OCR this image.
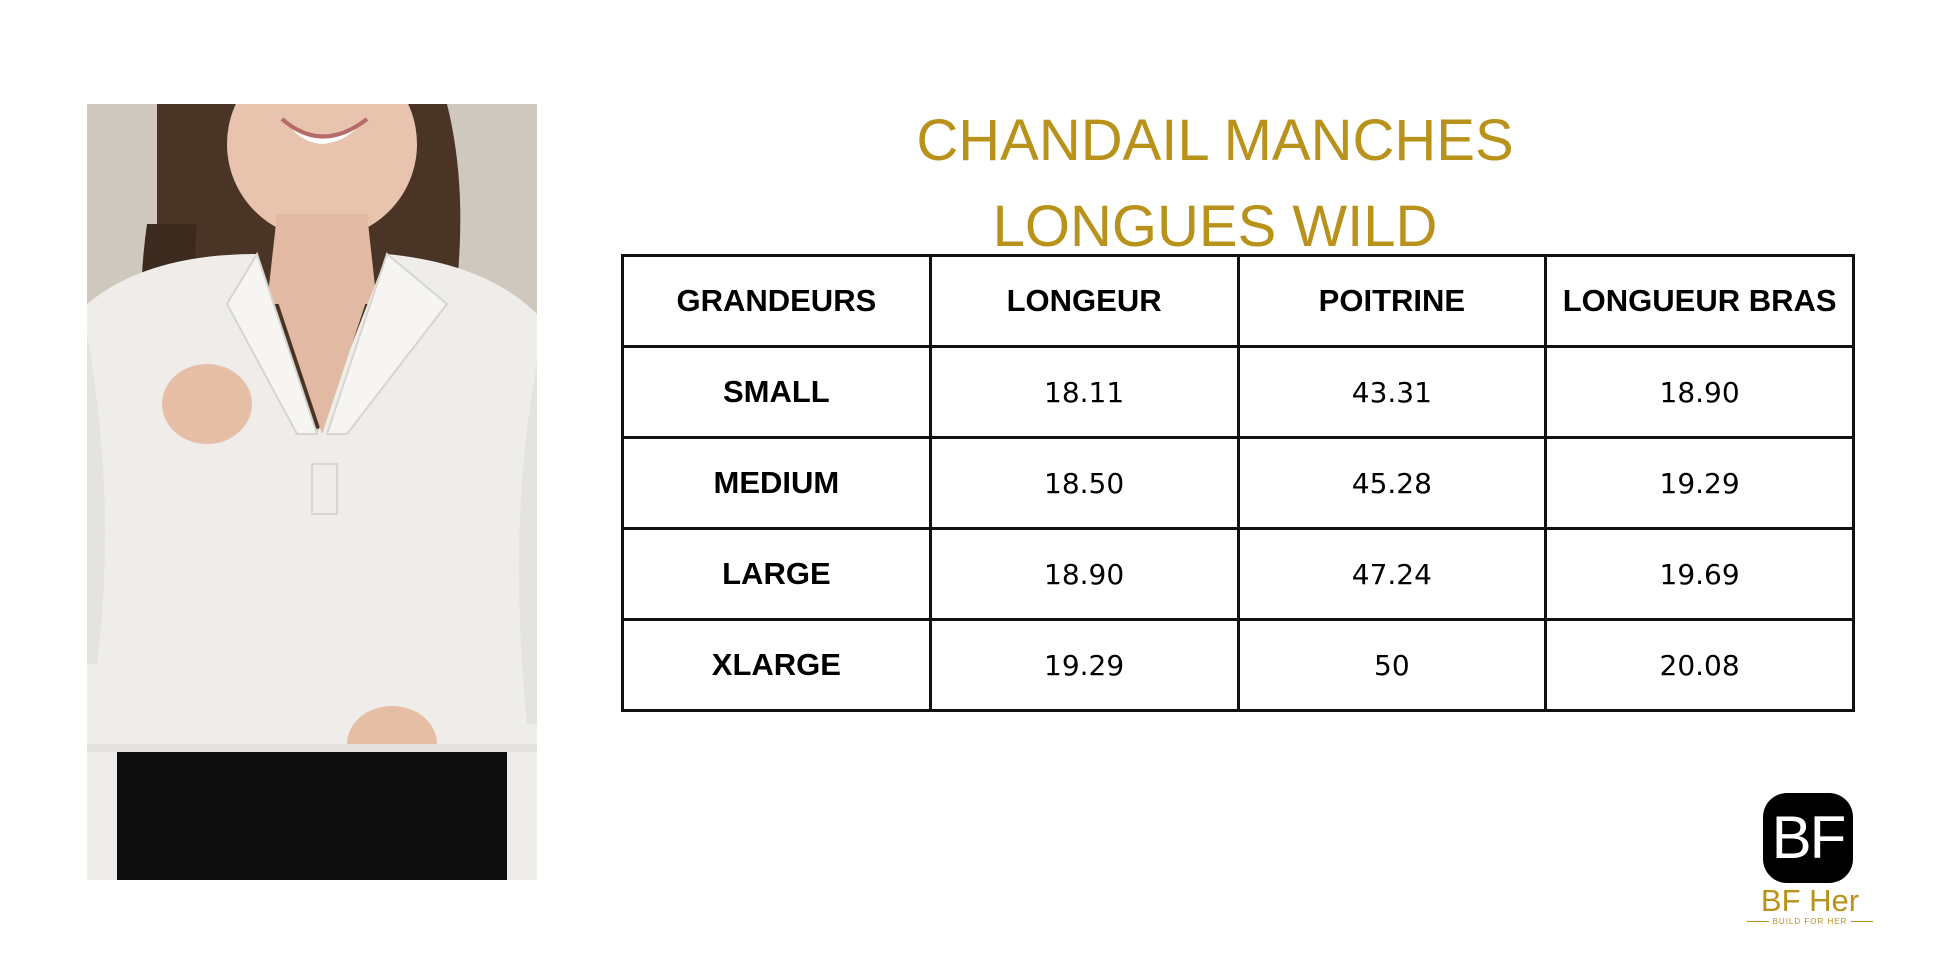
CHANDAIL MANCHES
LONGUES WILD
GRANDEURS	LONGEUR	POITRINE	LONGUEUR BRAS
SMALL	18.11	43.31	18.90
MEDIUM	18.50	45.28	19.29
LARGE	18.90	47.24	19.69
XLARGE	19.29	50	20.08
BF
BF Her
BUILD FOR HER
